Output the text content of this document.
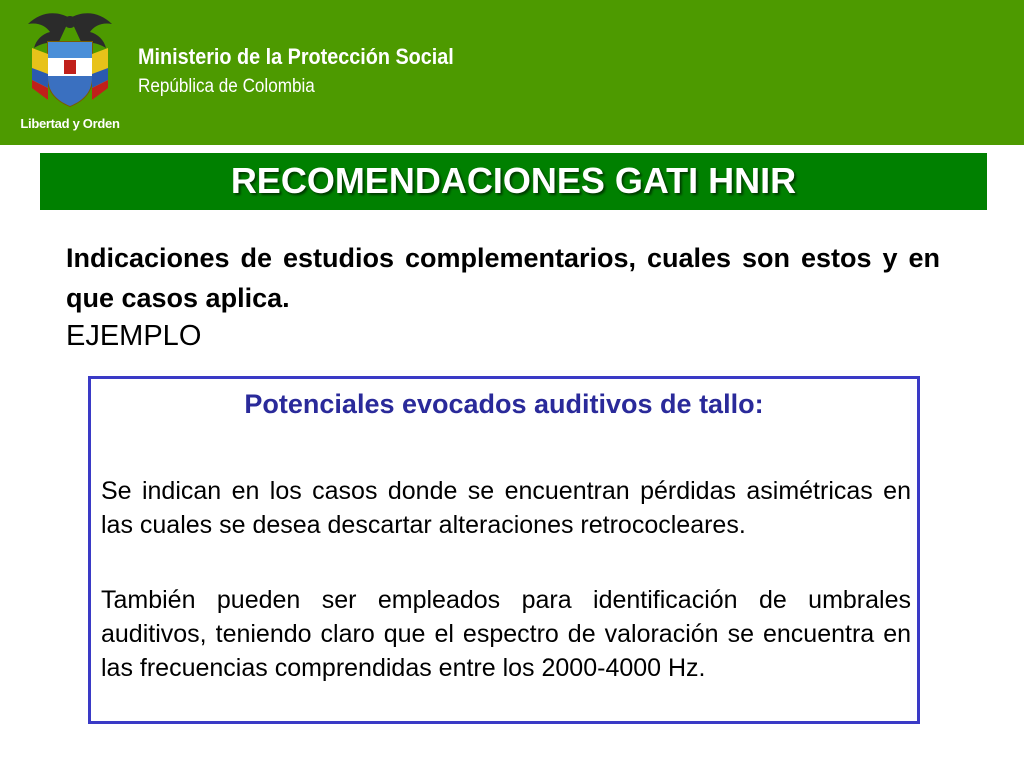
Libertad y Orden
Ministerio de la Protección Social
República de Colombia
RECOMENDACIONES GATI HNIR
Indicaciones de estudios complementarios, cuales son estos y en que casos aplica.
EJEMPLO
Potenciales evocados auditivos de tallo:
Se indican en los casos donde se encuentran pérdidas asimétricas en las cuales se desea descartar alteraciones retrococleares.
También pueden ser empleados para identificación de umbrales auditivos, teniendo claro que el espectro de valoración se encuentra en las frecuencias comprendidas entre los 2000-4000 Hz.
